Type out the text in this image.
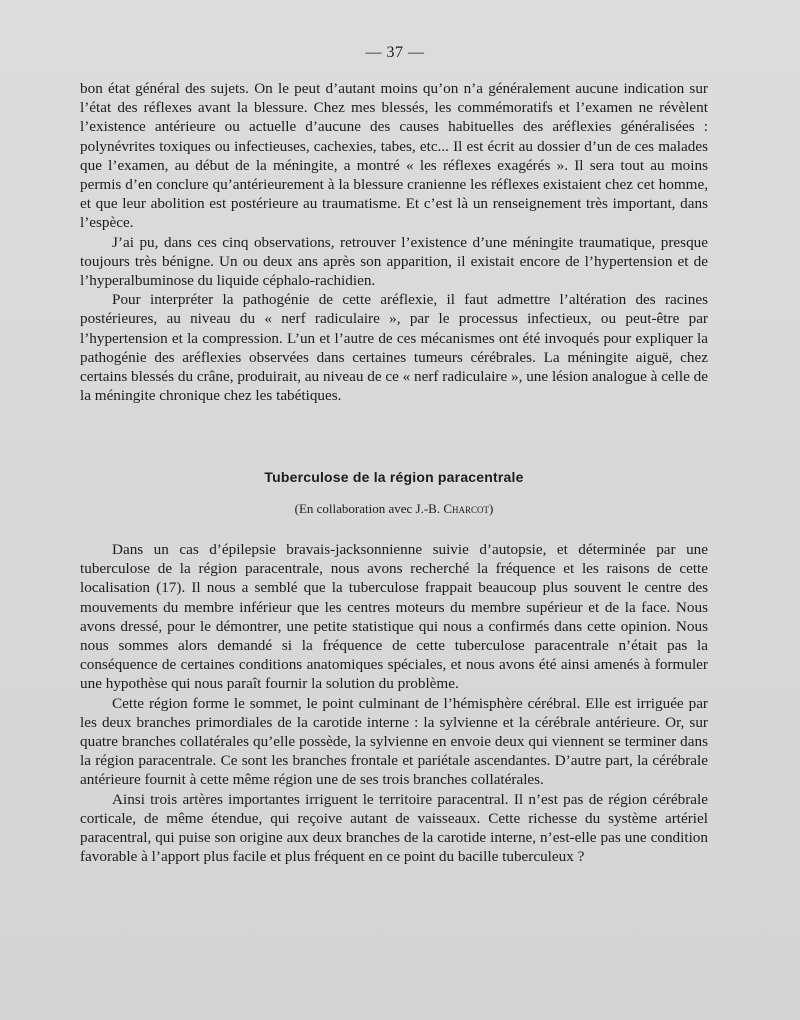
— 37 —

bon état général des sujets. On le peut d’autant moins qu’on n’a généralement aucune indication sur l’état des réflexes avant la blessure. Chez mes blessés, les commémoratifs et l’examen ne révèlent l’existence antérieure ou actuelle d’aucune des causes habituelles des aréflexies généralisées : polynévrites toxiques ou infectieuses, cachexies, tabes, etc... Il est écrit au dossier d’un de ces malades que l’examen, au début de la méningite, a montré « les réflexes exagérés ». Il sera tout au moins permis d’en conclure qu’antérieurement à la blessure cranienne les réflexes existaient chez cet homme, et que leur abolition est postérieure au traumatisme. Et c’est là un renseignement très important, dans l’espèce.

J’ai pu, dans ces cinq observations, retrouver l’existence d’une méningite traumatique, presque toujours très bénigne. Un ou deux ans après son apparition, il existait encore de l’hypertension et de l’hyperalbuminose du liquide céphalo-rachidien.

Pour interpréter la pathogénie de cette aréflexie, il faut admettre l’altération des racines postérieures, au niveau du « nerf radiculaire », par le processus infectieux, ou peut-être par l’hypertension et la compression. L’un et l’autre de ces mécanismes ont été invoqués pour expliquer la pathogénie des aréflexies observées dans certaines tumeurs cérébrales. La méningite aiguë, chez certains blessés du crâne, produirait, au niveau de ce « nerf radiculaire », une lésion analogue à celle de la méningite chronique chez les tabétiques.

Tuberculose de la région paracentrale
(En collaboration avec J.-B. Charcot)

Dans un cas d’épilepsie bravais-jacksonnienne suivie d’autopsie, et déterminée par une tuberculose de la région paracentrale, nous avons recherché la fréquence et les raisons de cette localisation (17). Il nous a semblé que la tuberculose frappait beaucoup plus souvent le centre des mouvements du membre inférieur que les centres moteurs du membre supérieur et de la face. Nous avons dressé, pour le démontrer, une petite statistique qui nous a confirmés dans cette opinion. Nous nous sommes alors demandé si la fréquence de cette tuberculose paracentrale n’était pas la conséquence de certaines conditions anatomiques spéciales, et nous avons été ainsi amenés à formuler une hypothèse qui nous paraît fournir la solution du problème.

Cette région forme le sommet, le point culminant de l’hémisphère cérébral. Elle est irriguée par les deux branches primordiales de la carotide interne : la sylvienne et la cérébrale antérieure. Or, sur quatre branches collatérales qu’elle possède, la sylvienne en envoie deux qui viennent se terminer dans la région paracentrale. Ce sont les branches frontale et pariétale ascendantes. D’autre part, la cérébrale antérieure fournit à cette même région une de ses trois branches collatérales.

Ainsi trois artères importantes irriguent le territoire paracentral. Il n’est pas de région cérébrale corticale, de même étendue, qui reçoive autant de vaisseaux. Cette richesse du système artériel paracentral, qui puise son origine aux deux branches de la carotide interne, n’est-elle pas une condition favorable à l’apport plus facile et plus fréquent en ce point du bacille tuberculeux ?
